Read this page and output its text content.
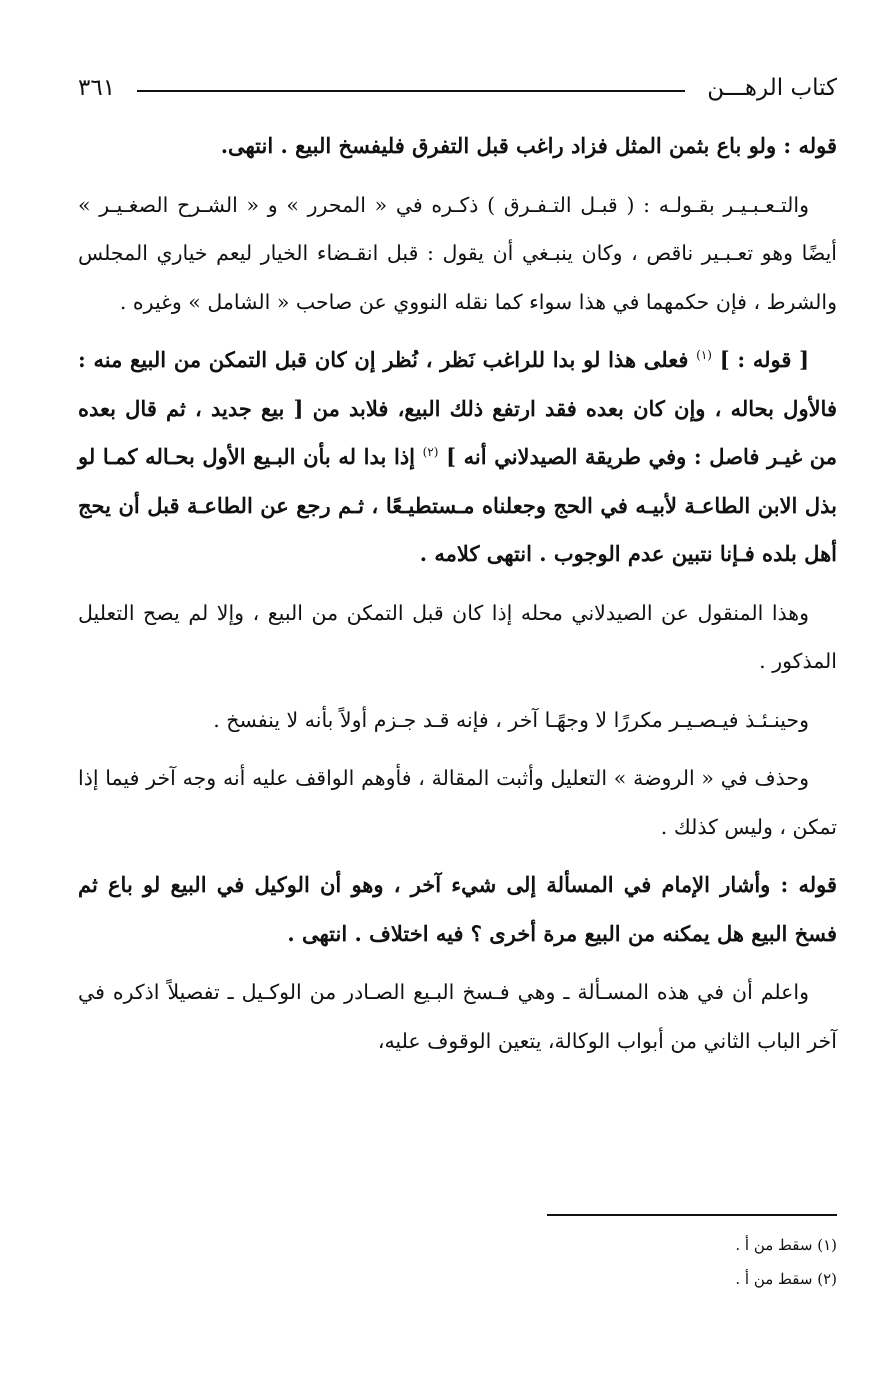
كتاب الرهـــن
٣٦١

قوله : ولو باع بثمن المثل فزاد راغب قبل التفرق فليفسخ البيع . انتهى.

والتـعـبـيـر بقـولـه : ( قبـل التـفـرق ) ذكـره في « المحرر » و « الشـرح الصغـيـر » أيضًا وهو تعـبـير ناقص ، وكان ينبـغي أن يقول : قبل انقـضاء الخيار ليعم خياري المجلس والشرط ، فإن حكمهما في هذا سواء كما نقله النووي عن صاحب « الشامل » وغيره .

[ قوله : ] $^{(١)}$ فعلى هذا لو بدا للراغب نَظر ، نُظر إن كان قبل التمكن من البيع منه : فالأول بحاله ، وإن كان بعده فقد ارتفع ذلك البيع، فلابد من [ بيع جديد ، ثم قال بعده من غيـر فاصل : وفي طريقة الصيدلاني أنه ] $^{(٢)}$ إذا بدا له بأن البـيع الأول بحـاله كمـا لو بذل الابن الطاعـة لأبيـه في الحج وجعلناه مـستطيـعًا ، ثـم رجع عن الطاعـة قبل أن يحج أهل بلده فـإنا نتبين عدم الوجوب . انتهى كلامه .

وهذا المنقول عن الصيدلاني محله إذا كان قبل التمكن من البيع ، وإلا لم يصح التعليل المذكور .

وحينـئـذ فيـصـيـر مكررًا لا وجهًـا آخر ، فإنه قـد جـزم أولاً بأنه لا ينفسخ .

وحذف في « الروضة » التعليل وأثبت المقالة ، فأوهم الواقف عليه أنه وجه آخر فيما إذا تمكن ، وليس كذلك .

قوله : وأشار الإمام في المسألة إلى شيء آخر ، وهو أن الوكيل في البيع لو باع ثم فسخ البيع هل يمكنه من البيع مرة أخرى ؟ فيه اختلاف . انتهى .

واعلم أن في هذه المسـألة ـ وهي فـسخ البـيع الصـادر من الوكـيل ـ تفصيلاً اذكره في آخر الباب الثاني من أبواب الوكالة، يتعين الوقوف عليه،

(١) سقط من أ .

(٢) سقط من أ .
